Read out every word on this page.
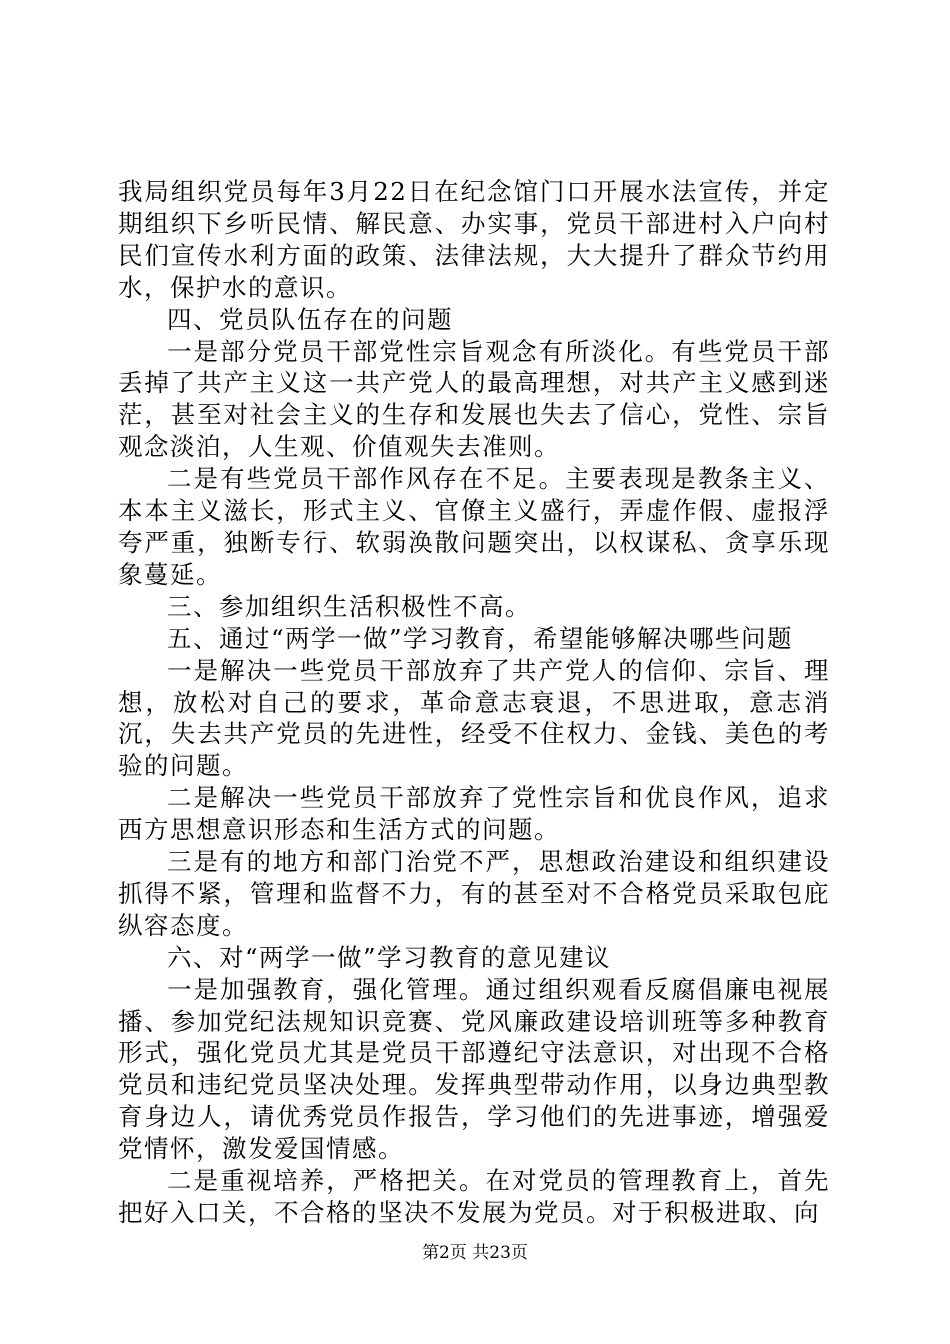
我局组织党员每年3月22日在纪念馆门口开展水法宣传，并定期组织下乡听民情、解民意、办实事，党员干部进村入户向村民们宣传水利方面的政策、法律法规，大大提升了群众节约用水，保护水的意识。

四、党员队伍存在的问题

一是部分党员干部党性宗旨观念有所淡化。有些党员干部丢掉了共产主义这一共产党人的最高理想，对共产主义感到迷茫，甚至对社会主义的生存和发展也失去了信心，党性、宗旨观念淡泊，人生观、价值观失去准则。

二是有些党员干部作风存在不足。主要表现是教条主义、本本主义滋长，形式主义、官僚主义盛行，弄虚作假、虚报浮夸严重，独断专行、软弱涣散问题突出，以权谋私、贪享乐现象蔓延。

三、参加组织生活积极性不高。

五、通过“两学一做”学习教育，希望能够解决哪些问题

一是解决一些党员干部放弃了共产党人的信仰、宗旨、理想，放松对自己的要求，革命意志衰退，不思进取，意志消沉，失去共产党员的先进性，经受不住权力、金钱、美色的考验的问题。

二是解决一些党员干部放弃了党性宗旨和优良作风，追求西方思想意识形态和生活方式的问题。

三是有的地方和部门治党不严，思想政治建设和组织建设抓得不紧，管理和监督不力，有的甚至对不合格党员采取包庇纵容态度。

六、对“两学一做”学习教育的意见建议

一是加强教育，强化管理。通过组织观看反腐倡廉电视展播、参加党纪法规知识竞赛、党风廉政建设培训班等多种教育形式，强化党员尤其是党员干部遵纪守法意识，对出现不合格党员和违纪党员坚决处理。发挥典型带动作用，以身边典型教育身边人，请优秀党员作报告，学习他们的先进事迹，增强爱党情怀，激发爱国情感。

二是重视培养，严格把关。在对党员的管理教育上，首先把好入口关，不合格的坚决不发展为党员。对于积极进取、向

第2页 共23页
